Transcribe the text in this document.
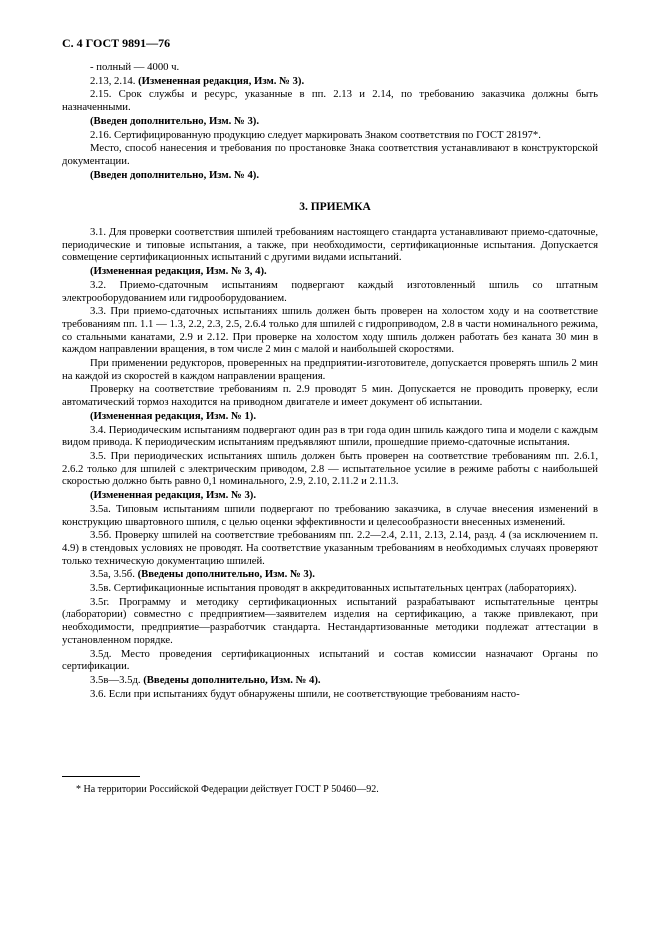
С. 4 ГОСТ 9891—76
- полный — 4000 ч.
2.13, 2.14. (Измененная редакция, Изм. № 3).
2.15. Срок службы и ресурс, указанные в пп. 2.13 и 2.14, по требованию заказчика должны быть назначенными.
(Введен дополнительно, Изм. № 3).
2.16. Сертифицированную продукцию следует маркировать Знаком соответствия по ГОСТ 28197*.
Место, способ нанесения и требования по простановке Знака соответствия устанавливают в конструкторской документации.
(Введен дополнительно, Изм. № 4).
3. ПРИЕМКА
3.1. Для проверки соответствия шпилей требованиям настоящего стандарта устанавливают приемо-сдаточные, периодические и типовые испытания, а также, при необходимости, сертификационные испытания. Допускается совмещение сертификационных испытаний с другими видами испытаний.
(Измененная редакция, Изм. № 3, 4).
3.2. Приемо-сдаточным испытаниям подвергают каждый изготовленный шпиль со штатным электрооборудованием или гидрооборудованием.
3.3. При приемо-сдаточных испытаниях шпиль должен быть проверен на холостом ходу и на соответствие требованиям пп. 1.1 — 1.3, 2.2, 2.3, 2.5, 2.6.4 только для шпилей с гидроприводом, 2.8 в части номинального режима, со стальными канатами, 2.9 и 2.12. При проверке на холостом ходу шпиль должен работать без каната 30 мин в каждом направлении вращения, в том числе 2 мин с малой и наибольшей скоростями.
При применении редукторов, проверенных на предприятии-изготовителе, допускается проверять шпиль 2 мин на каждой из скоростей в каждом направлении вращения.
Проверку на соответствие требованиям п. 2.9 проводят 5 мин. Допускается не проводить проверку, если автоматический тормоз находится на приводном двигателе и имеет документ об испытании.
(Измененная редакция, Изм. № 1).
3.4. Периодическим испытаниям подвергают один раз в три года один шпиль каждого типа и модели с каждым видом привода. К периодическим испытаниям предъявляют шпили, прошедшие приемо-сдаточные испытания.
3.5. При периодических испытаниях шпиль должен быть проверен на соответствие требованиям пп. 2.6.1, 2.6.2 только для шпилей с электрическим приводом, 2.8 — испытательное усилие в режиме работы с наибольшей скоростью должно быть равно 0,1 номинального, 2.9, 2.10, 2.11.2 и 2.11.3.
(Измененная редакция, Изм. № 3).
3.5а. Типовым испытаниям шпили подвергают по требованию заказчика, в случае внесения изменений в конструкцию швартовного шпиля, с целью оценки эффективности и целесообразности внесенных изменений.
3.5б. Проверку шпилей на соответствие требованиям пп. 2.2—2.4, 2.11, 2.13, 2.14, разд. 4 (за исключением п. 4.9) в стендовых условиях не проводят. На соответствие указанным требованиям в необходимых случаях проверяют только техническую документацию шпилей.
3.5а, 3.5б. (Введены дополнительно, Изм. № 3).
3.5в. Сертификационные испытания проводят в аккредитованных испытательных центрах (лабораториях).
3.5г. Программу и методику сертификационных испытаний разрабатывают испытательные центры (лаборатории) совместно с предприятием—заявителем изделия на сертификацию, а также привлекают, при необходимости, предприятие—разработчик стандарта. Нестандартизованные методики подлежат аттестации в установленном порядке.
3.5д. Место проведения сертификационных испытаний и состав комиссии назначают Органы по сертификации.
3.5в—3.5д. (Введены дополнительно, Изм. № 4).
3.6. Если при испытаниях будут обнаружены шпили, не соответствующие требованиям насто-
* На территории Российской Федерации действует ГОСТ Р 50460—92.
